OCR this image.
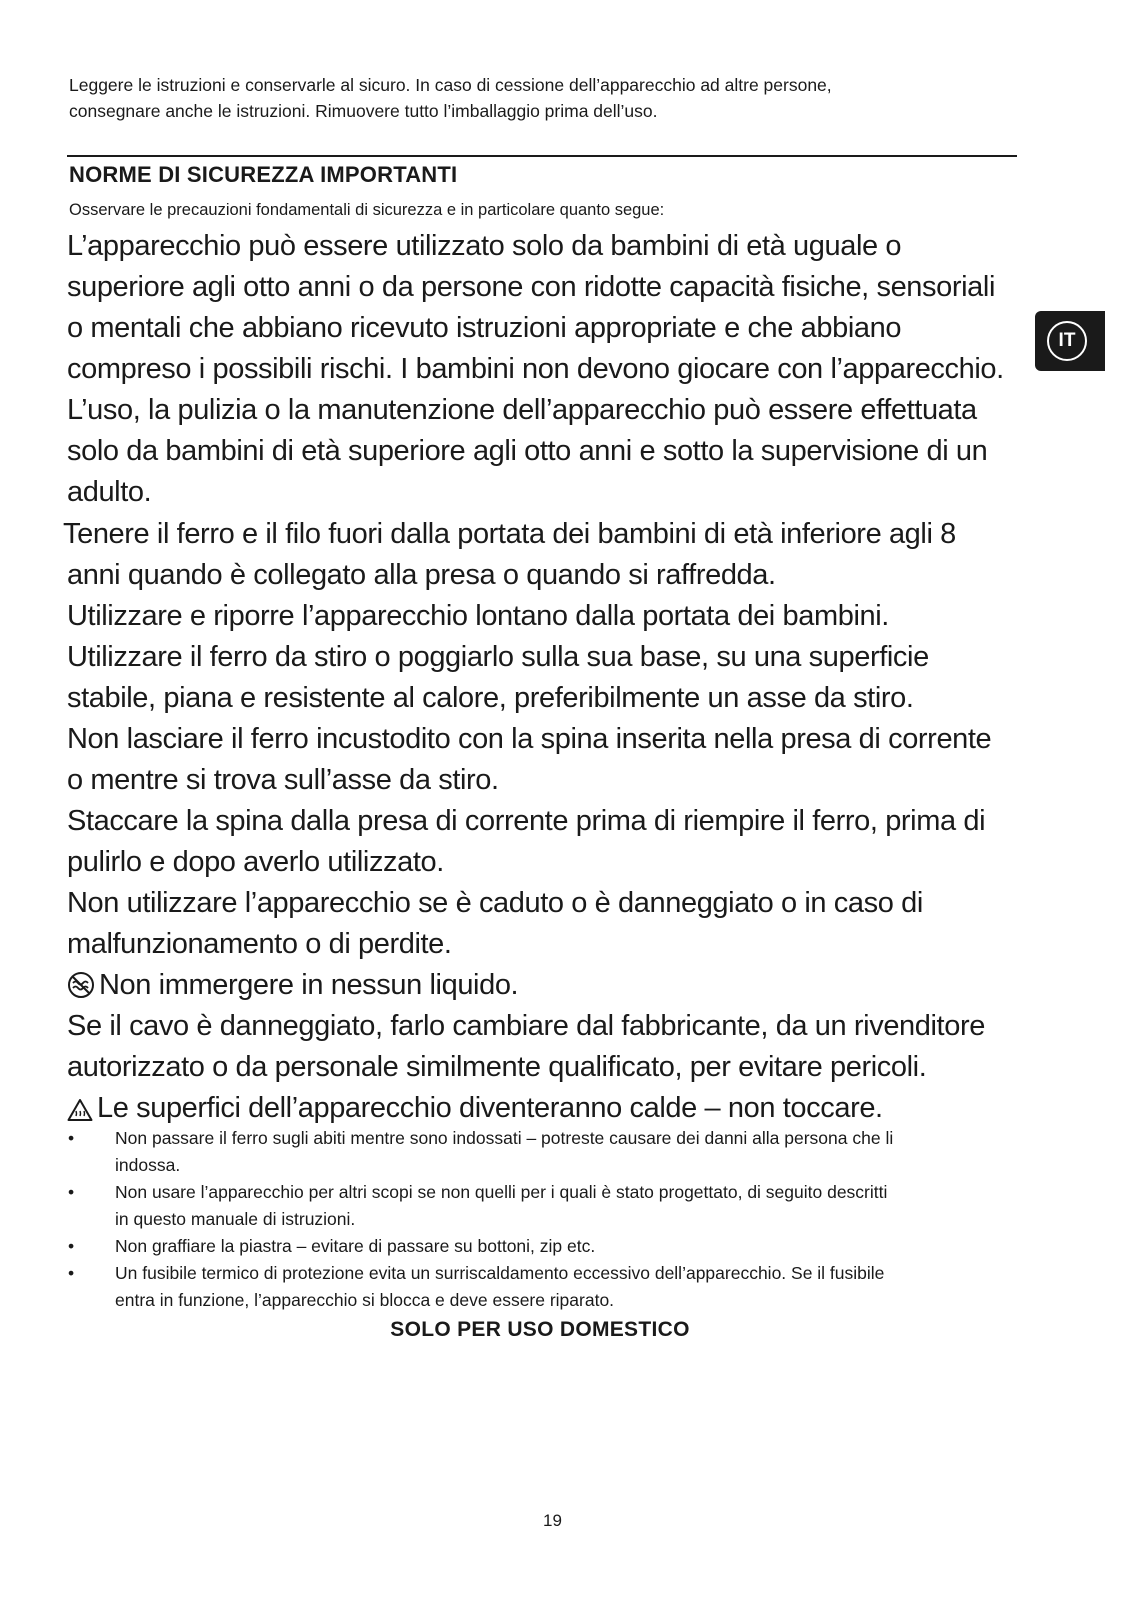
Leggere le istruzioni e conservarle al sicuro. In caso di cessione dell’apparecchio ad altre persone,
consegnare anche le istruzioni. Rimuovere tutto l’imballaggio prima dell’uso.
NORME DI SICUREZZA IMPORTANTI
Osservare le precauzioni fondamentali di sicurezza e in particolare quanto segue:
IT
L’apparecchio può essere utilizzato solo da bambini di età uguale o
superiore agli otto anni o da persone con ridotte capacità fisiche, sensoriali
o mentali che abbiano ricevuto istruzioni appropriate e che abbiano
compreso i possibili rischi. I bambini non devono giocare con l’apparecchio.
L’uso, la pulizia o la manutenzione dell’apparecchio può essere effettuata
solo da bambini di età superiore agli otto anni e sotto la supervisione di un
adulto.
Tenere il ferro e il filo fuori dalla portata dei bambini di età inferiore agli 8
anni quando è collegato alla presa o quando si raffredda.
Utilizzare e riporre l’apparecchio lontano dalla portata dei bambini.
Utilizzare il ferro da stiro o poggiarlo sulla sua base, su una superficie
stabile, piana e resistente al calore, preferibilmente un asse da stiro.
Non lasciare il ferro incustodito con la spina inserita nella presa di corrente
o mentre si trova sull’asse da stiro.
Staccare la spina dalla presa di corrente prima di riempire il ferro, prima di
pulirlo e dopo averlo utilizzato.
Non utilizzare l’apparecchio se è caduto o è danneggiato o in caso di
malfunzionamento o di perdite.
Non immergere in nessun liquido.
Se il cavo è danneggiato, farlo cambiare dal fabbricante, da un rivenditore
autorizzato o da personale similmente qualificato, per evitare pericoli.
Le superfici dell’apparecchio diventeranno calde – non toccare.
• Non passare il ferro sugli abiti mentre sono indossati – potreste causare dei danni alla persona che li
indossa.
• Non usare l’apparecchio per altri scopi se non quelli per i quali è stato progettato, di seguito descritti
in questo manuale di istruzioni.
• Non graffiare la piastra – evitare di passare su bottoni, zip etc.
• Un fusibile termico di protezione evita un surriscaldamento eccessivo dell’apparecchio. Se il fusibile
entra in funzione, l’apparecchio si blocca e deve essere riparato.
SOLO PER USO DOMESTICO
19
